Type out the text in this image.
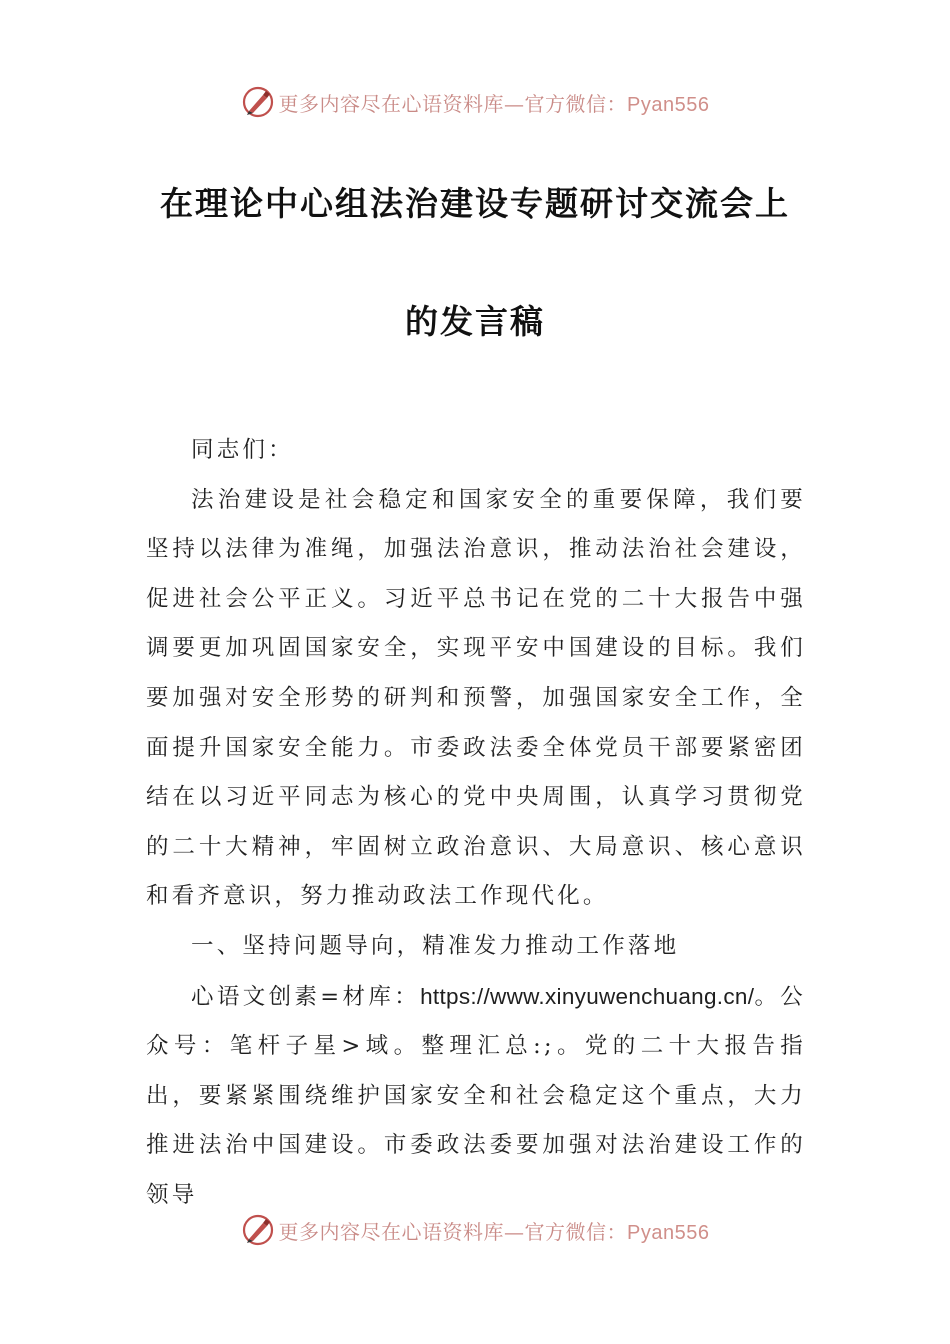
更多内容尽在心语资料库—官方微信：Pyan556
在理论中心组法治建设专题研讨交流会上
的发言稿

同志们：

法治建设是社会稳定和国家安全的重要保障，我们要坚持以法律为准绳，加强法治意识，推动法治社会建设，促进社会公平正义。习近平总书记在党的二十大报告中强调要更加巩固国家安全，实现平安中国建设的目标。我们要加强对安全形势的研判和预警，加强国家安全工作，全面提升国家安全能力。市委政法委全体党员干部要紧密团结在以习近平同志为核心的党中央周围，认真学习贯彻党的二十大精神，牢固树立政治意识、大局意识、核心意识和看齐意识，努力推动政法工作现代化。

一、坚持问题导向，精准发力推动工作落地

心语文创素=材库：https://www.xinyuwenchuang.cn/。公众号：笔杆子星>域。整理汇总:;。党的二十大报告指出，要紧紧围绕维护国家安全和社会稳定这个重点，大力推进法治中国建设。市委政法委要加强对法治建设工作的领导

更多内容尽在心语资料库—官方微信：Pyan556
